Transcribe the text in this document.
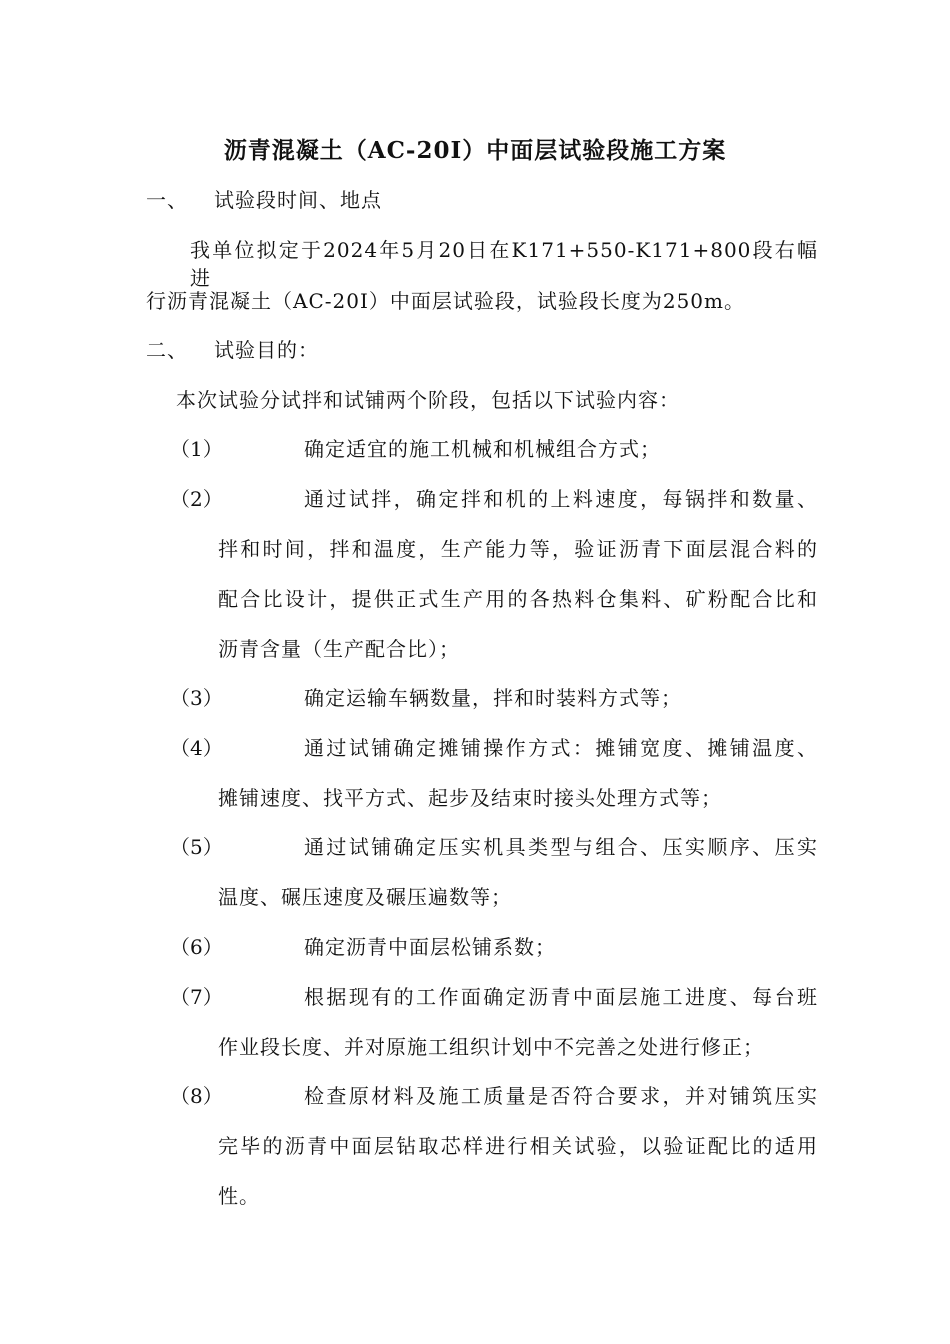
沥青混凝土（AC-20I）中面层试验段施工方案
一、 试验段时间、地点
我单位拟定于2024年5月20日在K171+550-K171+800段右幅进
行沥青混凝土（AC-20I）中面层试验段，试验段长度为250m。
二、 试验目的：
本次试验分试拌和试铺两个阶段，包括以下试验内容：
（1）	确定适宜的施工机械和机械组合方式；
（2）	通过试拌，确定拌和机的上料速度，每锅拌和数量、
拌和时间，拌和温度，生产能力等，验证沥青下面层混合料的
配合比设计，提供正式生产用的各热料仓集料、矿粉配合比和
沥青含量（生产配合比）；
（3）	确定运输车辆数量，拌和时装料方式等；
（4）	通过试铺确定摊铺操作方式：摊铺宽度、摊铺温度、
摊铺速度、找平方式、起步及结束时接头处理方式等；
（5）	通过试铺确定压实机具类型与组合、压实顺序、压实
温度、碾压速度及碾压遍数等；
（6）	确定沥青中面层松铺系数；
（7）	根据现有的工作面确定沥青中面层施工进度、每台班
作业段长度、并对原施工组织计划中不完善之处进行修正；
（8）	检查原材料及施工质量是否符合要求，并对铺筑压实
完毕的沥青中面层钻取芯样进行相关试验，以验证配比的适用
性。
